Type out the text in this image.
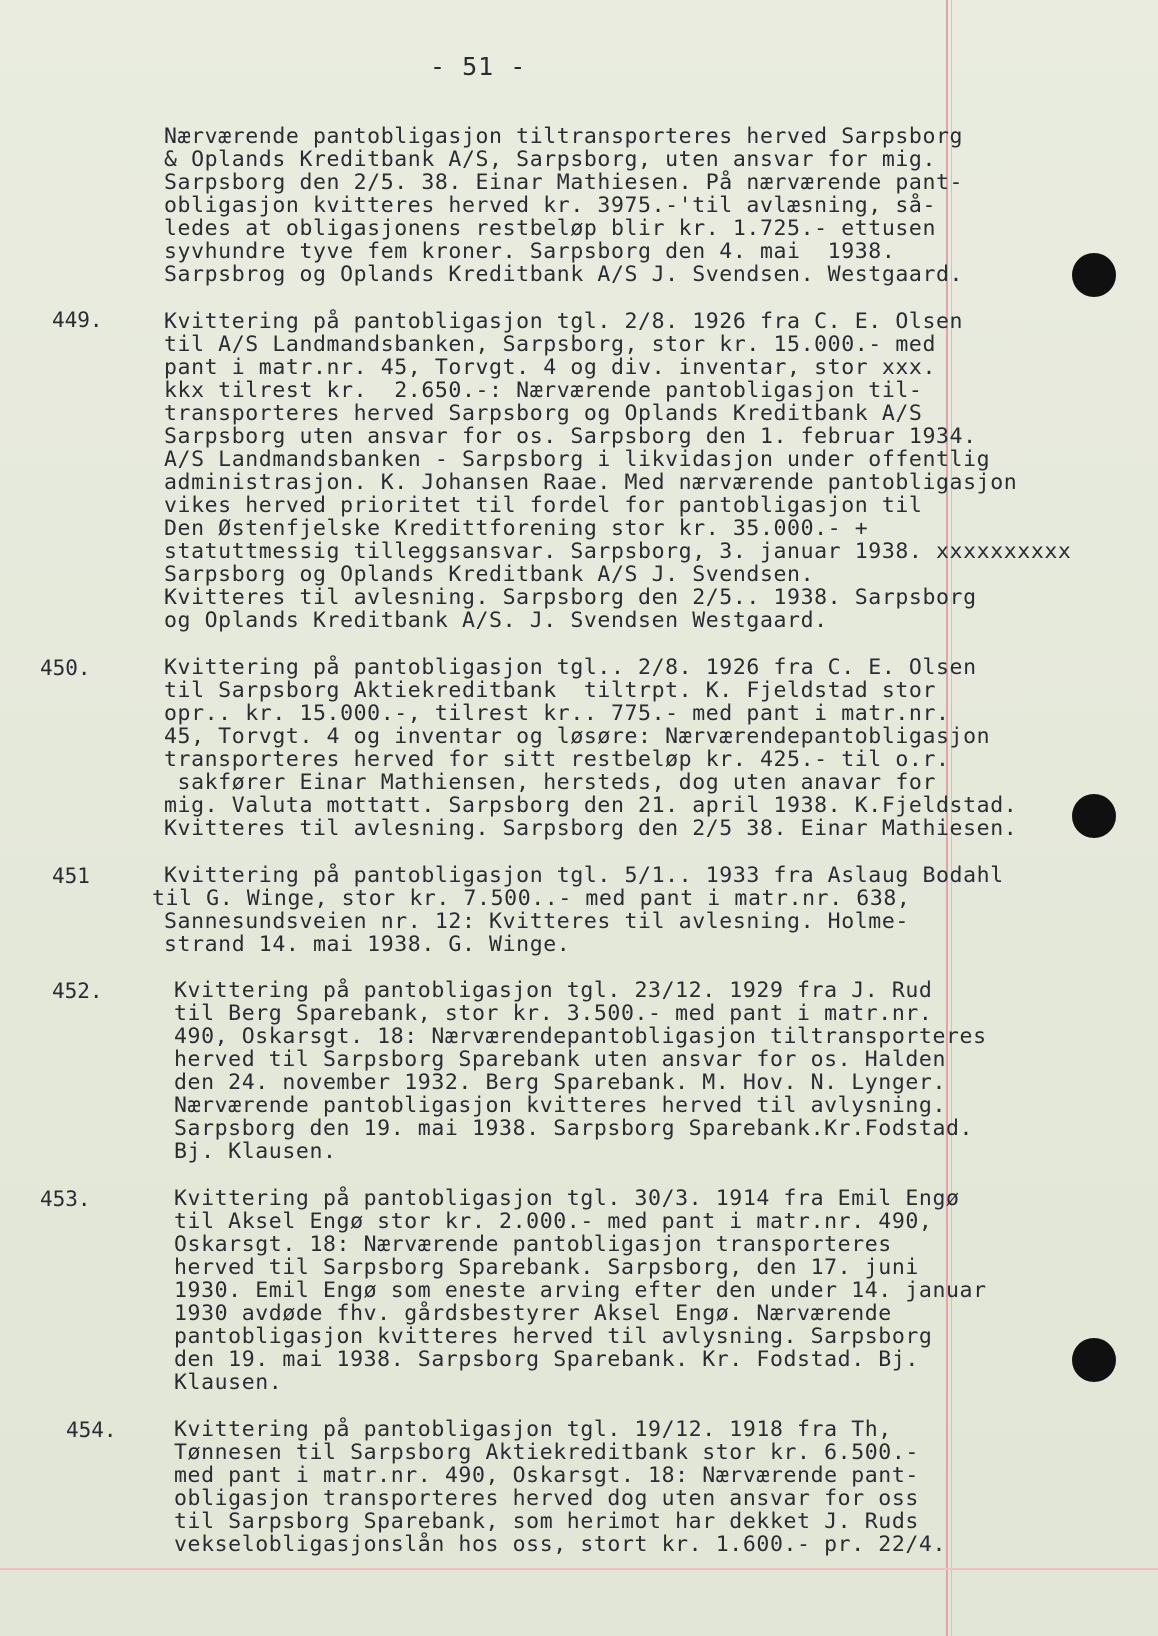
- 51 -
Nærværende pantobligasjon tiltransporteres herved Sarpsborg
& Oplands Kreditbank A/S, Sarpsborg, uten ansvar for mig.
Sarpsborg den 2/5. 38. Einar Mathiesen. På nærværende pant-
obligasjon kvitteres herved kr. 3975.-'til avlæsning, så-
ledes at obligasjonens restbeløp blir kr. 1.725.- ettusen
syvhundre tyve fem kroner. Sarpsborg den 4. mai  1938.
Sarpsbrog og Oplands Kreditbank A/S J. Svendsen. Westgaard.
449.	Kvittering på pantobligasjon tgl. 2/8. 1926 fra C. E. Olsen
til A/S Landmandsbanken, Sarpsborg, stor kr. 15.000.- med
pant i matr.nr. 45, Torvgt. 4 og div. inventar, stor xxx.
kkx tilrest kr.  2.650.-: Nærværende pantobligasjon til-
transporteres herved Sarpsborg og Oplands Kreditbank A/S
Sarpsborg uten ansvar for os. Sarpsborg den 1. februar 1934.
A/S Landmandsbanken - Sarpsborg i likvidasjon under offentlig
administrasjon. K. Johansen Raae. Med nærværende pantobligasjon
vikes herved prioritet til fordel for pantobligasjon til
Den Østenfjelske Kredittforening stor kr. 35.000.- +
statuttmessig tilleggsansvar. Sarpsborg, 3. januar 1938. xxxxxxxxxx
Sarpsborg og Oplands Kreditbank A/S J. Svendsen.
Kvitteres til avlesning. Sarpsborg den 2/5.. 1938. Sarpsborg
og Oplands Kreditbank A/S. J. Svendsen Westgaard.
450.	Kvittering på pantobligasjon tgl.. 2/8. 1926 fra C. E. Olsen
til Sarpsborg Aktiekreditbank  tiltrpt. K. Fjeldstad stor
opr.. kr. 15.000.-, tilrest kr.. 775.- med pant i matr.nr.
45, Torvgt. 4 og inventar og løsøre: Nærværendepantobligasjon
transporteres herved for sitt restbeløp kr. 425.- til o.r.
sakfører Einar Mathiensen, hersteds, dog uten anavar for
mig. Valuta mottatt. Sarpsborg den 21. april 1938. K.Fjeldstad.
Kvitteres til avlesning. Sarpsborg den 2/5 38. Einar Mathiesen.
451	Kvittering på pantobligasjon tgl. 5/1.. 1933 fra Aslaug Bodahl
til G. Winge, stor kr. 7.500..- med pant i matr.nr. 638,
Sannesundsveien nr. 12: Kvitteres til avlesning. Holme-
strand 14. mai 1938. G. Winge.
452.	Kvittering på pantobligasjon tgl. 23/12. 1929 fra J. Rud
til Berg Sparebank, stor kr. 3.500.- med pant i matr.nr.
490, Oskarsgt. 18: Nærværendepantobligasjon tiltransporteres
herved til Sarpsborg Sparebank uten ansvar for os. Halden
den 24. november 1932. Berg Sparebank. M. Hov. N. Lynger.
Nærværende pantobligasjon kvitteres herved til avlysning.
Sarpsborg den 19. mai 1938. Sarpsborg Sparebank.Kr.Fodstad.
Bj. Klausen.
453.	Kvittering på pantobligasjon tgl. 30/3. 1914 fra Emil Engø
til Aksel Engø stor kr. 2.000.- med pant i matr.nr. 490,
Oskarsgt. 18: Nærværende pantobligasjon transporteres
herved til Sarpsborg Sparebank. Sarpsborg, den 17. juni
1930. Emil Engø som eneste arving efter den under 14. januar
1930 avdøde fhv. gårdsbestyrer Aksel Engø. Nærværende
pantobligasjon kvitteres herved til avlysning. Sarpsborg
den 19. mai 1938. Sarpsborg Sparebank. Kr. Fodstad. Bj.
Klausen.
454.	Kvittering på pantobligasjon tgl. 19/12. 1918 fra Th,
Tønnesen til Sarpsborg Aktiekreditbank stor kr. 6.500.-
med pant i matr.nr. 490, Oskarsgt. 18: Nærværende pant-
obligasjon transporteres herved dog uten ansvar for oss
til Sarpsborg Sparebank, som herimot har dekket J. Ruds
vekselobligasjonslån hos oss, stort kr. 1.600.- pr. 22/4.
